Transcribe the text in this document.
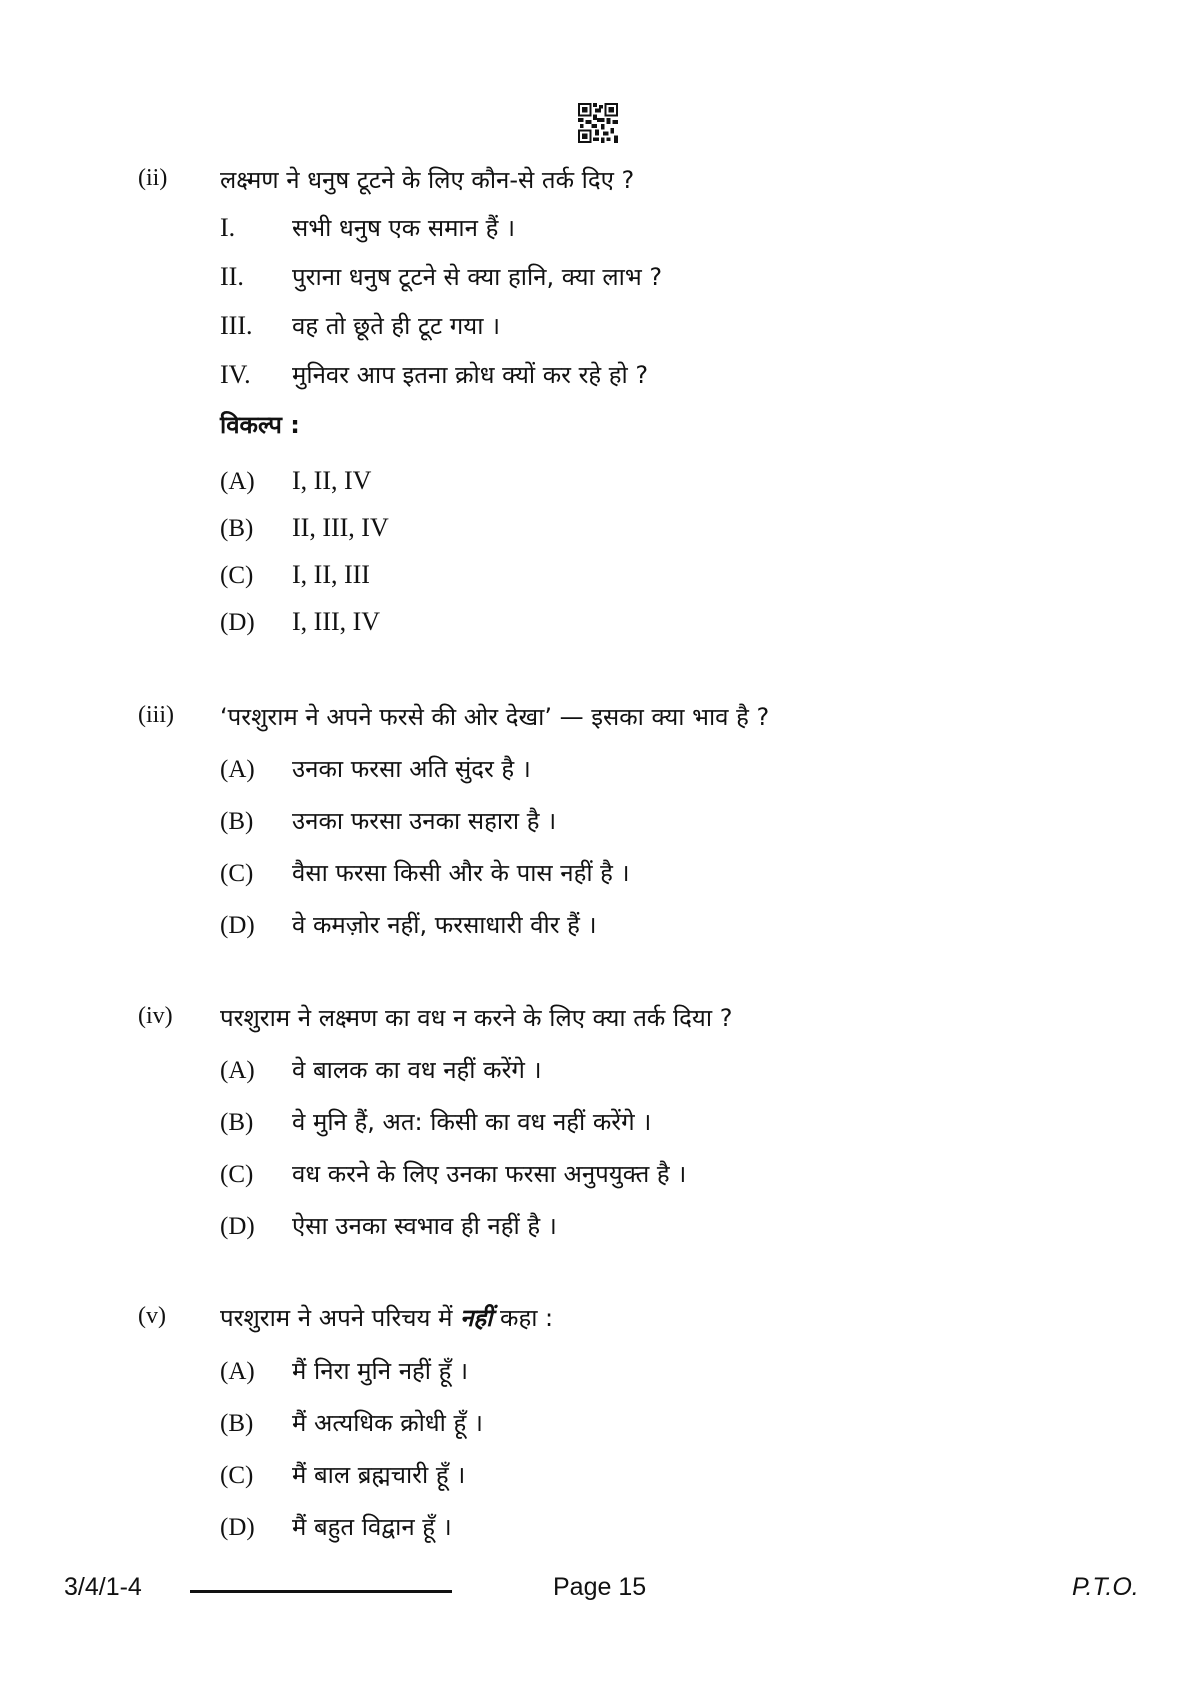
(ii) लक्ष्मण ने धनुष टूटने के लिए कौन-से तर्क दिए ?
I.	सभी धनुष एक समान हैं ।
II.	पुराना धनुष टूटने से क्या हानि, क्या लाभ ?
III.	वह तो छूते ही टूट गया ।
IV.	मुनिवर आप इतना क्रोध क्यों कर रहे हो ?
विकल्प :
(A)	I, II, IV
(B)	II, III, IV
(C)	I, II, III
(D)	I, III, IV
(iii) ‘परशुराम ने अपने फरसे की ओर देखा’ — इसका क्या भाव है ?
(A)	उनका फरसा अति सुंदर है ।
(B)	उनका फरसा उनका सहारा है ।
(C)	वैसा फरसा किसी और के पास नहीं है ।
(D)	वे कमज़ोर नहीं, फरसाधारी वीर हैं ।
(iv) परशुराम ने लक्ष्मण का वध न करने के लिए क्या तर्क दिया ?
(A)	वे बालक का वध नहीं करेंगे ।
(B)	वे मुनि हैं, अत: किसी का वध नहीं करेंगे ।
(C)	वध करने के लिए उनका फरसा अनुपयुक्त है ।
(D)	ऐसा उनका स्वभाव ही नहीं है ।
(v) परशुराम ने अपने परिचय में नहीं कहा :
(A)	मैं निरा मुनि नहीं हूँ ।
(B)	मैं अत्यधिक क्रोधी हूँ ।
(C)	मैं बाल ब्रह्मचारी हूँ ।
(D)	मैं बहुत विद्वान हूँ ।
3/4/1-4	Page 15	P.T.O.
